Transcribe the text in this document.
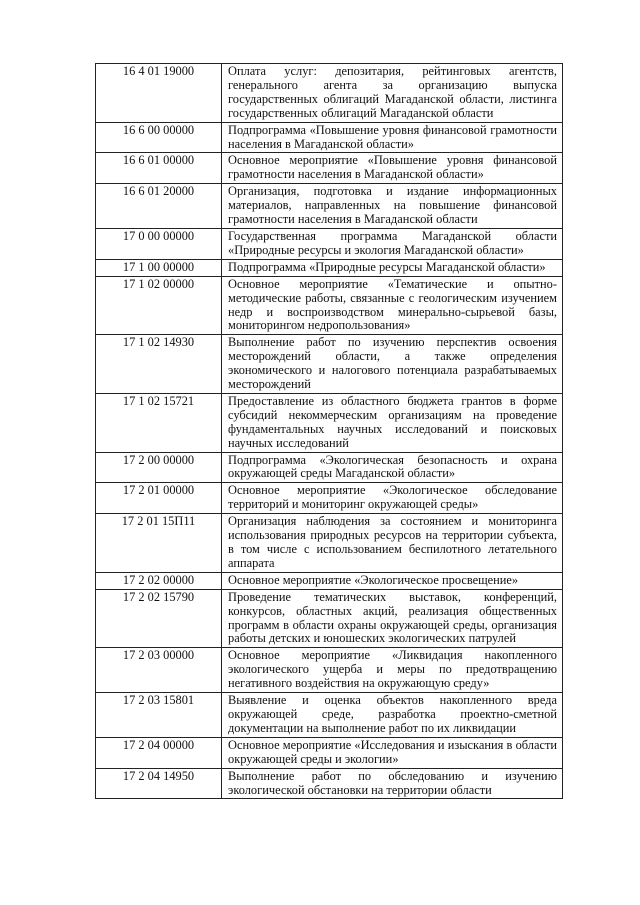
16 4 01 19000	Оплата услуг: депозитария, рейтинговых агентств, генерального агента за организацию выпуска государственных облигаций Магаданской области, листинга государственных облигаций Магаданской области
16 6 00 00000	Подпрограмма «Повышение уровня финансовой грамотности населения в Магаданской области»
16 6 01 00000	Основное мероприятие «Повышение уровня финансовой грамотности населения в Магаданской области»
16 6 01 20000	Организация, подготовка и издание информационных материалов, направленных на повышение финансовой грамотности населения в Магаданской области
17 0 00 00000	Государственная программа Магаданской области «Природные ресурсы и экология Магаданской области»
17 1 00 00000	Подпрограмма «Природные ресурсы Магаданской области»
17 1 02 00000	Основное мероприятие «Тематические и опытно-методические работы, связанные с геологическим изучением недр и воспроизводством минерально-сырьевой базы, мониторингом недропользования»
17 1 02 14930	Выполнение работ по изучению перспектив освоения месторождений области, а также определения экономического и налогового потенциала разрабатываемых месторождений
17 1 02 15721	Предоставление из областного бюджета грантов в форме субсидий некоммерческим организациям на проведение фундаментальных научных исследований и поисковых научных исследований
17 2 00 00000	Подпрограмма «Экологическая безопасность и охрана окружающей среды Магаданской области»
17 2 01 00000	Основное мероприятие «Экологическое обследование территорий и мониторинг окружающей среды»
17 2 01 15П11	Организация наблюдения за состоянием и мониторинга использования природных ресурсов на территории субъекта, в том числе с использованием беспилотного летательного аппарата
17 2 02 00000	Основное мероприятие «Экологическое просвещение»
17 2 02 15790	Проведение тематических выставок, конференций, конкурсов, областных акций, реализация общественных программ в области охраны окружающей среды, организация работы детских и юношеских экологических патрулей
17 2 03 00000	Основное мероприятие «Ликвидация накопленного экологического ущерба и меры по предотвращению негативного воздействия на окружающую среду»
17 2 03 15801	Выявление и оценка объектов накопленного вреда окружающей среде, разработка проектно-сметной документации на выполнение работ по их ликвидации
17 2 04 00000	Основное мероприятие «Исследования и изыскания в области окружающей среды и экологии»
17 2 04 14950	Выполнение работ по обследованию и изучению экологической обстановки на территории области
